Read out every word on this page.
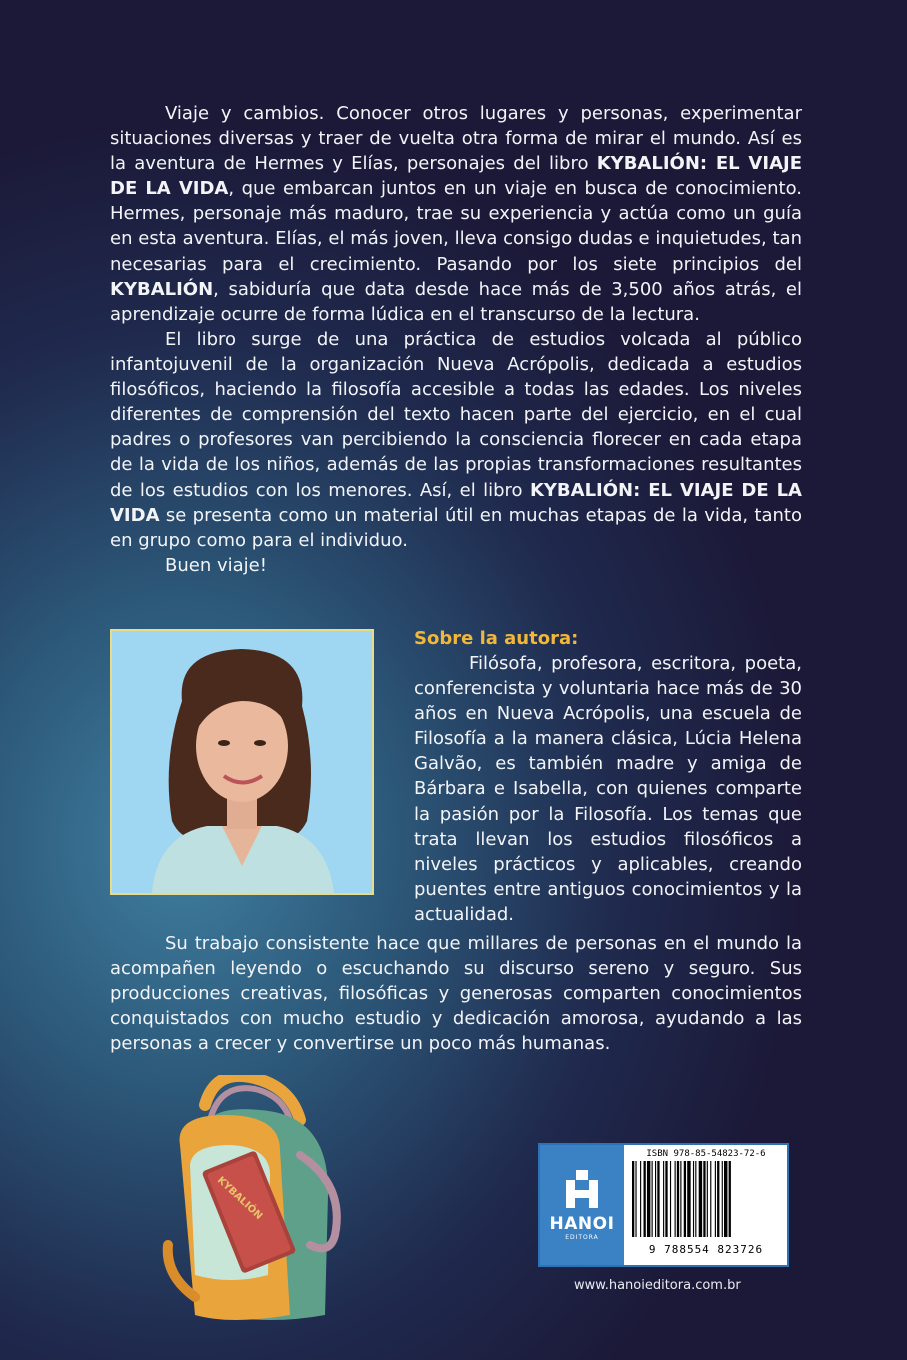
Viaje y cambios. Conocer otros lugares y personas, experimentar situaciones diversas y traer de vuelta otra forma de mirar el mundo. Así es la aventura de Hermes y Elías, personajes del libro KYBALIÓN: EL VIAJE DE LA VIDA, que embarcan juntos en un viaje en busca de conocimiento. Hermes, personaje más maduro, trae su experiencia y actúa como un guía en esta aventura. Elías, el más joven, lleva consigo dudas e inquietudes, tan necesarias para el crecimiento. Pasando por los siete principios del KYBALIÓN, sabiduría que data desde hace más de 3,500 años atrás, el aprendizaje ocurre de forma lúdica en el transcurso de la lectura.

El libro surge de una práctica de estudios volcada al público infantojuvenil de la organización Nueva Acrópolis, dedicada a estudios filosóficos, haciendo la filosofía accesible a todas las edades. Los niveles diferentes de comprensión del texto hacen parte del ejercicio, en el cual padres o profesores van percibiendo la consciencia florecer en cada etapa de la vida de los niños, además de las propias transformaciones resultantes de los estudios con los menores. Así, el libro KYBALIÓN: EL VIAJE DE LA VIDA se presenta como un material útil en muchas etapas de la vida, tanto en grupo como para el individuo.

Buen viaje!

Sobre la autora:

Filósofa, profesora, escritora, poeta, conferencista y voluntaria hace más de 30 años en Nueva Acrópolis, una escuela de Filosofía a la manera clásica, Lúcia Helena Galvão, es también madre y amiga de Bárbara e Isabella, con quienes comparte la pasión por la Filosofía. Los temas que trata llevan los estudios filosóficos a niveles prácticos y aplicables, creando puentes entre antiguos conocimientos y la actualidad.

Su trabajo consistente hace que millares de personas en el mundo la acompañen leyendo o escuchando su discurso sereno y seguro. Sus producciones creativas, filosóficas y generosas comparten conocimientos conquistados con mucho estudio y dedicación amorosa, ayudando a las personas a crecer y convertirse un poco más humanas.

KYBALIÓN
HANOI
EDITORA
ISBN 978-85-54823-72-6
9 788554 823726
www.hanoieditora.com.br
